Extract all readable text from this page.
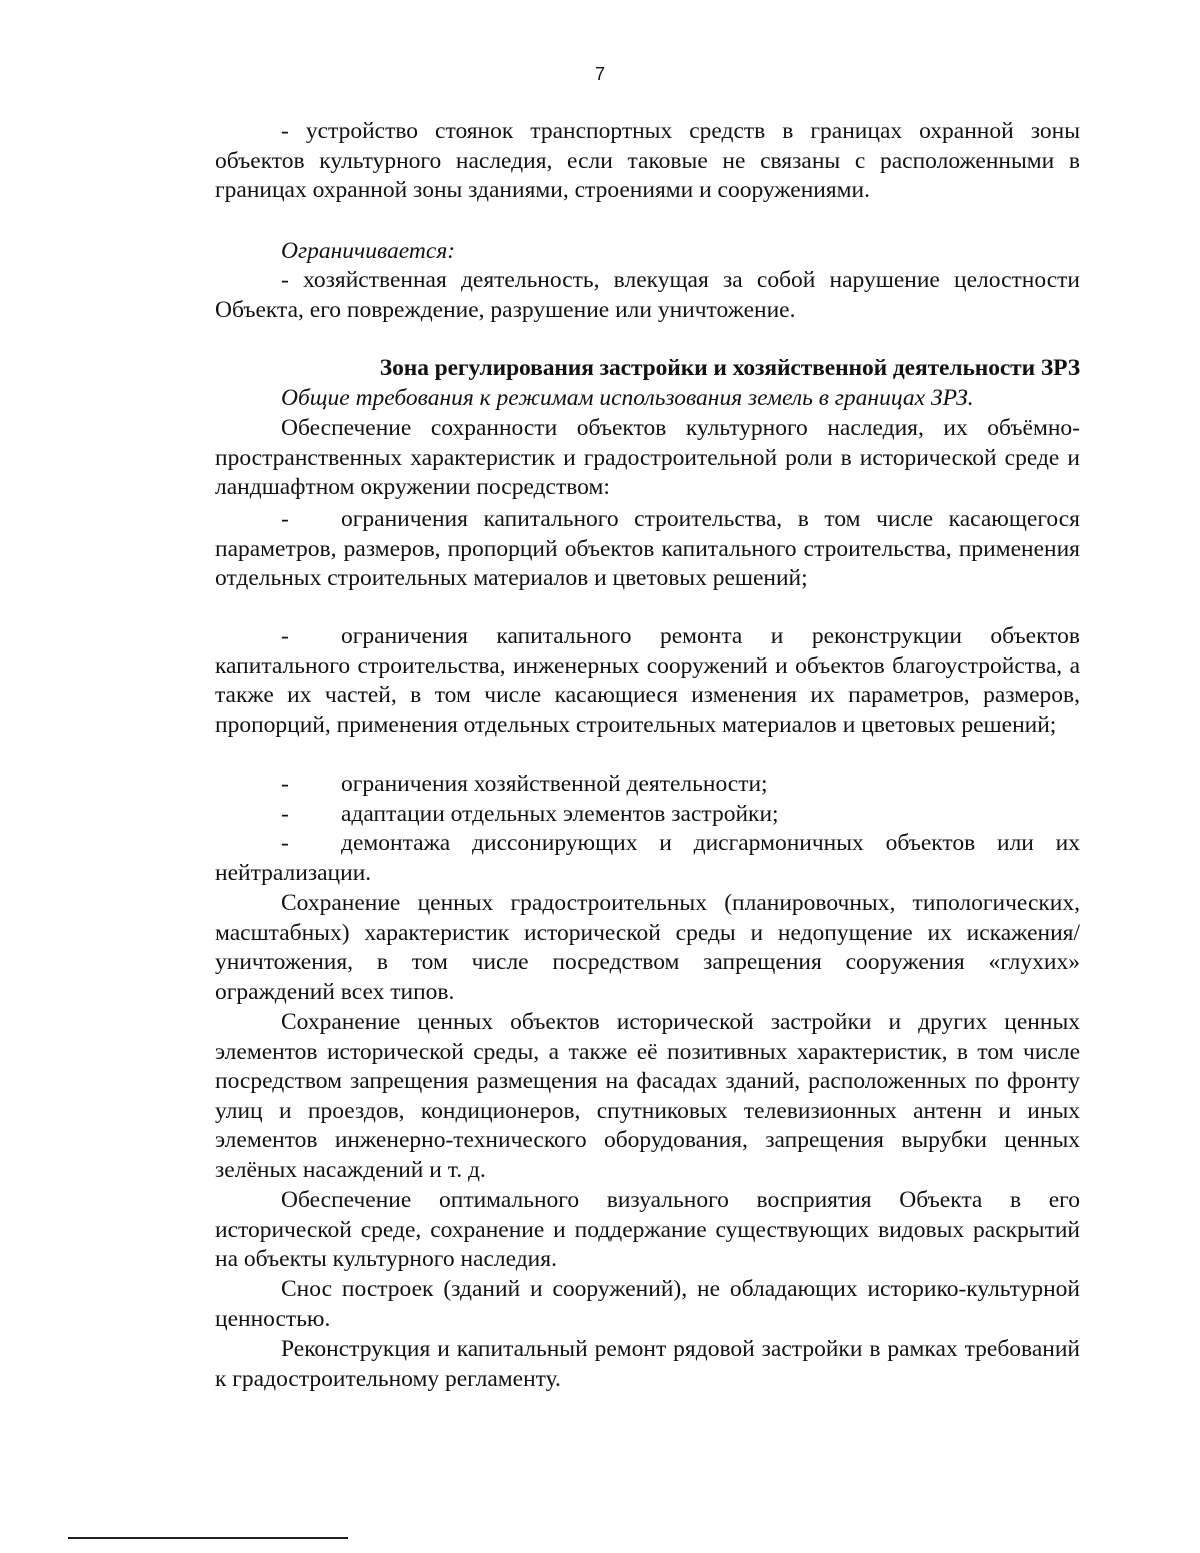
7
- устройство стоянок транспортных средств в границах охранной зоны объектов культурного наследия, если таковые не связаны с расположенными в границах охранной зоны зданиями, строениями и сооружениями.
Ограничивается:
- хозяйственная деятельность, влекущая за собой нарушение целостности Объекта, его повреждение, разрушение или уничтожение.
Зона регулирования застройки и хозяйственной деятельности ЗРЗ
Общие требования к режимам использования земель в границах ЗРЗ.
Обеспечение сохранности объектов культурного наследия, их объёмно-пространственных характеристик и градостроительной роли в исторической среде и ландшафтном окружении посредством:
- ограничения капитального строительства, в том числе касающегося параметров, размеров, пропорций объектов капитального строительства, применения отдельных строительных материалов и цветовых решений;
- ограничения капитального ремонта и реконструкции объектов капитального строительства, инженерных сооружений и объектов благоустройства, а также их частей, в том числе касающиеся изменения их параметров, размеров, пропорций, применения отдельных строительных материалов и цветовых решений;
- ограничения хозяйственной деятельности;
- адаптации отдельных элементов застройки;
- демонтажа диссонирующих и дисгармоничных объектов или их нейтрализации.
Сохранение ценных градостроительных (планировочных, типологических, масштабных) характеристик исторической среды и недопущение их искажения/уничтожения, в том числе посредством запрещения сооружения «глухих» ограждений всех типов.
Сохранение ценных объектов исторической застройки и других ценных элементов исторической среды, а также её позитивных характеристик, в том числе посредством запрещения размещения на фасадах зданий, расположенных по фронту улиц и проездов, кондиционеров, спутниковых телевизионных антенн и иных элементов инженерно-технического оборудования, запрещения вырубки ценных зелёных насаждений и т. д.
Обеспечение оптимального визуального восприятия Объекта в его исторической среде, сохранение и поддержание существующих видовых раскрытий на объекты культурного наследия.
Снос построек (зданий и сооружений), не обладающих историко-культурной ценностью.
Реконструкция и капитальный ремонт рядовой застройки в рамках требований к градостроительному регламенту.
